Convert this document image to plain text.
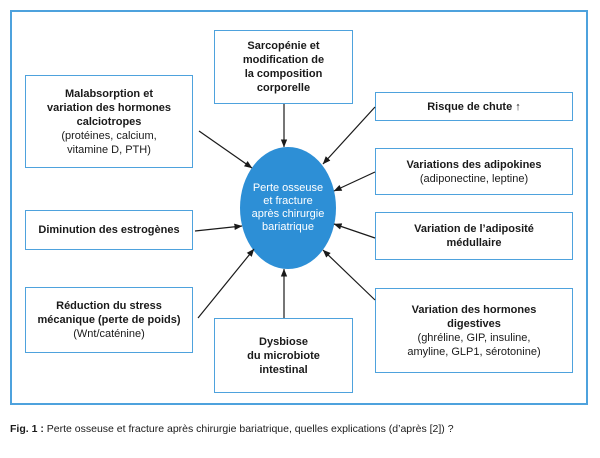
Sarcopénie et
modification de
la composition
corporelle
Malabsorption et
variation des hormones
calciotropes
(protéines, calcium,
vitamine D, PTH)
Diminution des estrogènes
Réduction du stress
mécanique (perte de poids)
(Wnt/caténine)
Dysbiose
du microbiote
intestinal
Risque de chute ↑
Variations des adipokines
(adiponectine, leptine)
Variation de l’adiposité
médullaire
Variation des hormones
digestives
(ghréline, GIP, insuline,
amyline, GLP1, sérotonine)
Perte osseuse
et fracture
après chirurgie
bariatrique
Fig. 1 : Perte osseuse et fracture après chirurgie bariatrique, quelles explications (d’après [2]) ?
